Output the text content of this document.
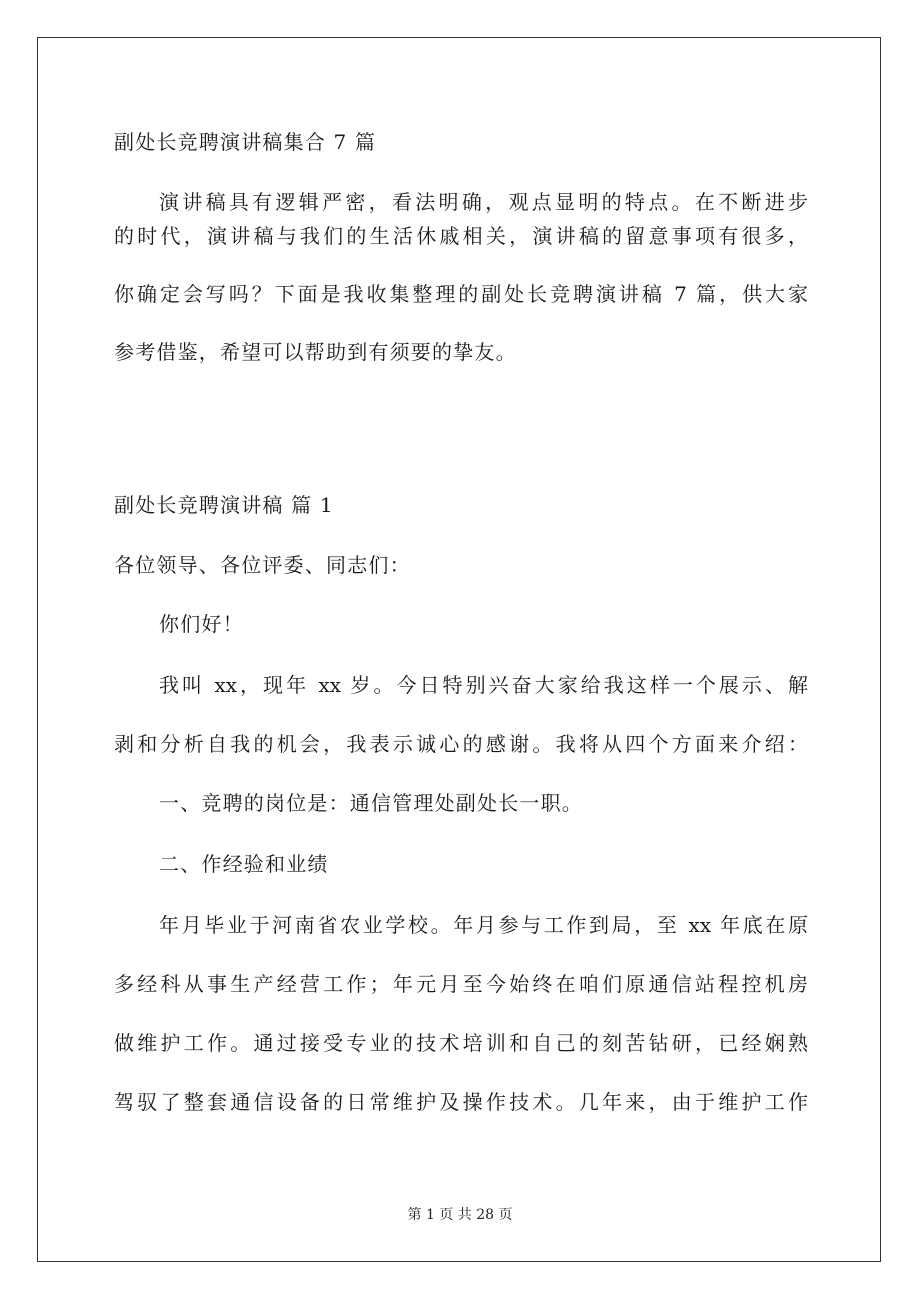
副处长竞聘演讲稿集合 7 篇
演讲稿具有逻辑严密，看法明确，观点显明的特点。在不断进步
的时代，演讲稿与我们的生活休戚相关，演讲稿的留意事项有很多，
你确定会写吗？下面是我收集整理的副处长竞聘演讲稿 7 篇，供大家
参考借鉴，希望可以帮助到有须要的挚友。
副处长竞聘演讲稿 篇 1
各位领导、各位评委、同志们：
你们好！
我叫 xx，现年 xx 岁。今日特别兴奋大家给我这样一个展示、解
剥和分析自我的机会，我表示诚心的感谢。我将从四个方面来介绍：
一、竞聘的岗位是：通信管理处副处长一职。
二、作经验和业绩
年月毕业于河南省农业学校。年月参与工作到局，至 xx 年底在原
多经科从事生产经营工作；年元月至今始终在咱们原通信站程控机房
做维护工作。通过接受专业的技术培训和自己的刻苦钻研，已经娴熟
驾驭了整套通信设备的日常维护及操作技术。几年来，由于维护工作
第 1 页 共 28 页
